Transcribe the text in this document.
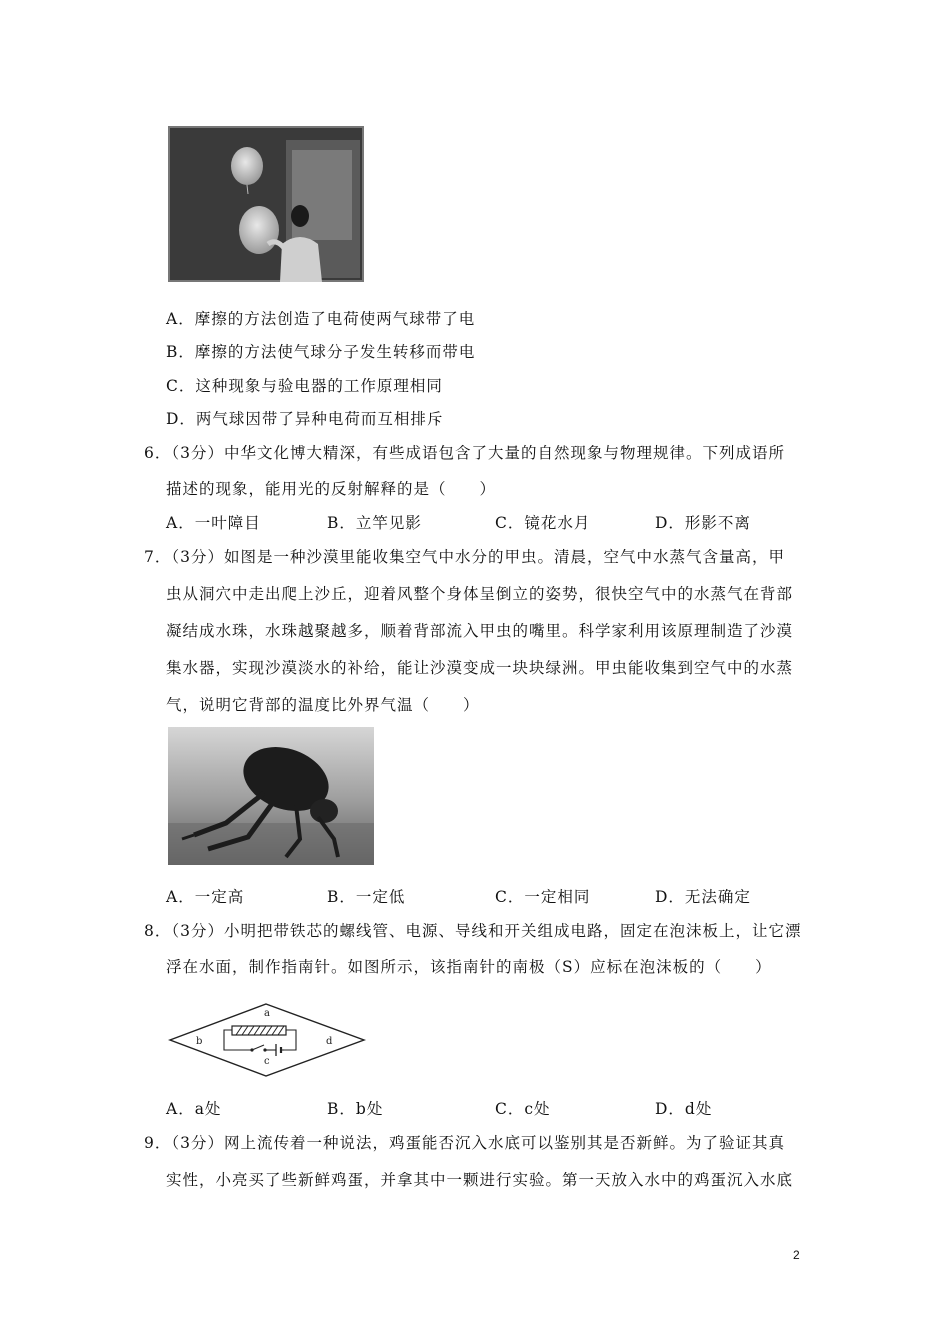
A．摩擦的方法创造了电荷使两气球带了电
B．摩擦的方法使气球分子发生转移而带电
C．这种现象与验电器的工作原理相同
D．两气球因带了异种电荷而互相排斥
6．（3分）中华文化博大精深，有些成语包含了大量的自然现象与物理规律。下列成语所
描述的现象，能用光的反射解释的是（　　）
A．一叶障目	B．立竿见影	C．镜花水月	D．形影不离
7．（3分）如图是一种沙漠里能收集空气中水分的甲虫。清晨，空气中水蒸气含量高，甲
虫从洞穴中走出爬上沙丘，迎着风整个身体呈倒立的姿势，很快空气中的水蒸气在背部
凝结成水珠，水珠越聚越多，顺着背部流入甲虫的嘴里。科学家利用该原理制造了沙漠
集水器，实现沙漠淡水的补给，能让沙漠变成一块块绿洲。甲虫能收集到空气中的水蒸
气，说明它背部的温度比外界气温（　　）
A．一定高	B．一定低	C．一定相同	D．无法确定
8．（3分）小明把带铁芯的螺线管、电源、导线和开关组成电路，固定在泡沫板上，让它漂
浮在水面，制作指南针。如图所示，该指南针的南极（S）应标在泡沫板的（　　）
a
b
c
d
A．a处	B．b处	C．c处	D．d处
9．（3分）网上流传着一种说法，鸡蛋能否沉入水底可以鉴别其是否新鲜。为了验证其真
实性，小亮买了些新鲜鸡蛋，并拿其中一颗进行实验。第一天放入水中的鸡蛋沉入水底
2
